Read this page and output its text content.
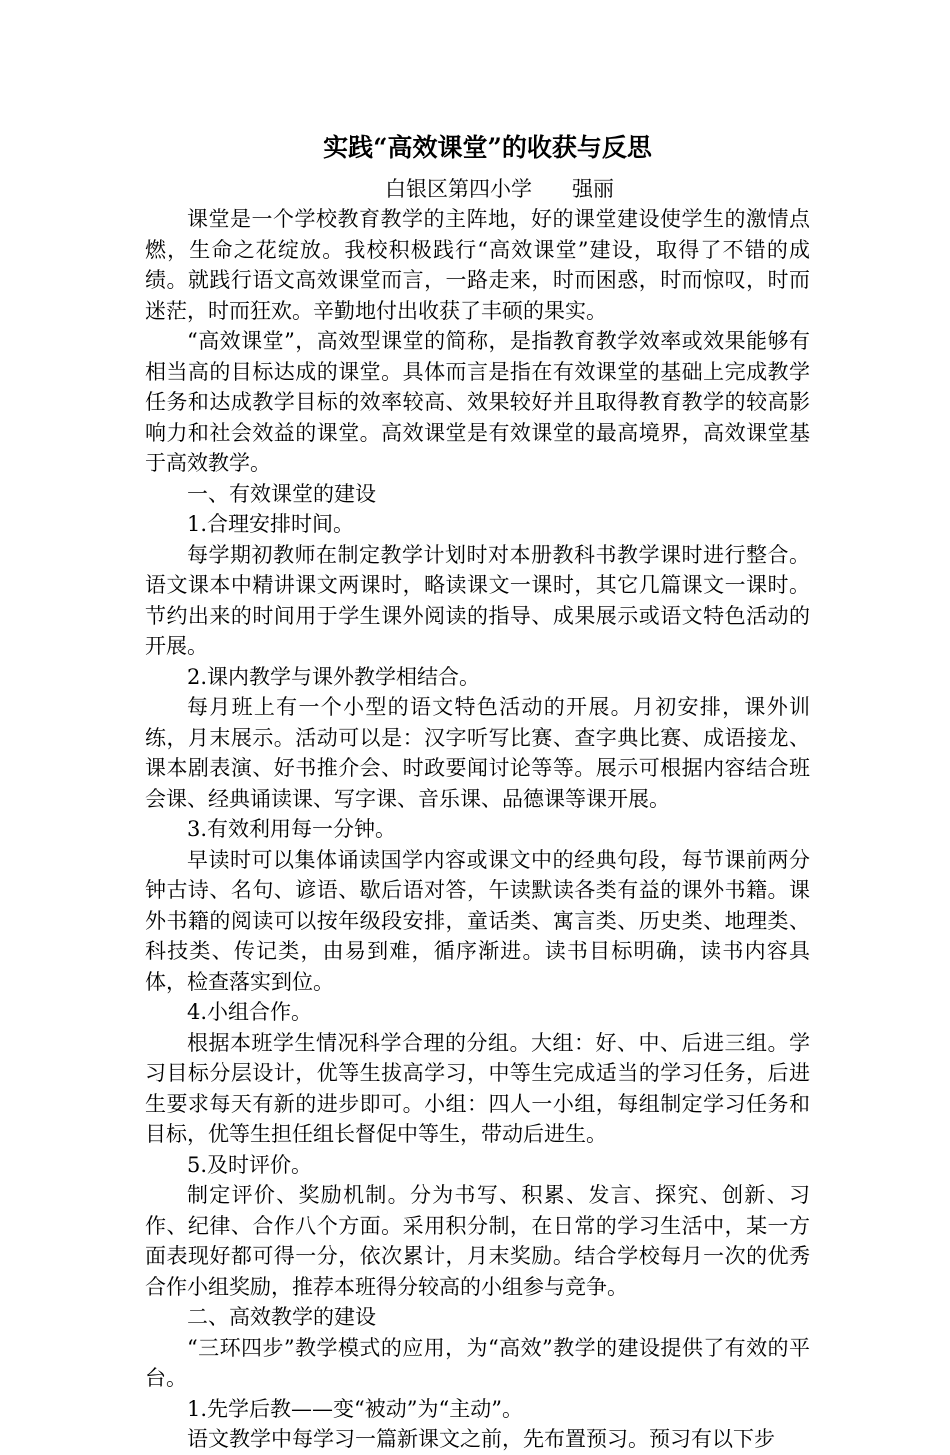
实践“高效课堂”的收获与反思
白银区第四小学 强丽

课堂是一个学校教育教学的主阵地，好的课堂建设使学生的激情点燃，生命之花绽放。我校积极践行“高效课堂”建设，取得了不错的成绩。就践行语文高效课堂而言，一路走来，时而困惑，时而惊叹，时而迷茫，时而狂欢。辛勤地付出收获了丰硕的果实。

“高效课堂”，高效型课堂的简称，是指教育教学效率或效果能够有相当高的目标达成的课堂。具体而言是指在有效课堂的基础上完成教学任务和达成教学目标的效率较高、效果较好并且取得教育教学的较高影响力和社会效益的课堂。高效课堂是有效课堂的最高境界，高效课堂基于高效教学。

一、有效课堂的建设

1.合理安排时间。

每学期初教师在制定教学计划时对本册教科书教学课时进行整合。语文课本中精讲课文两课时，略读课文一课时，其它几篇课文一课时。节约出来的时间用于学生课外阅读的指导、成果展示或语文特色活动的开展。

2.课内教学与课外教学相结合。

每月班上有一个小型的语文特色活动的开展。月初安排，课外训练，月末展示。活动可以是：汉字听写比赛、查字典比赛、成语接龙、课本剧表演、好书推介会、时政要闻讨论等等。展示可根据内容结合班会课、经典诵读课、写字课、音乐课、品德课等课开展。

3.有效利用每一分钟。

早读时可以集体诵读国学内容或课文中的经典句段，每节课前两分钟古诗、名句、谚语、歇后语对答，午读默读各类有益的课外书籍。课外书籍的阅读可以按年级段安排，童话类、寓言类、历史类、地理类、科技类、传记类，由易到难，循序渐进。读书目标明确，读书内容具体，检查落实到位。

4.小组合作。

根据本班学生情况科学合理的分组。大组：好、中、后进三组。学习目标分层设计，优等生拔高学习，中等生完成适当的学习任务，后进生要求每天有新的进步即可。小组：四人一小组，每组制定学习任务和目标，优等生担任组长督促中等生，带动后进生。

5.及时评价。

制定评价、奖励机制。分为书写、积累、发言、探究、创新、习作、纪律、合作八个方面。采用积分制，在日常的学习生活中，某一方面表现好都可得一分，依次累计，月末奖励。结合学校每月一次的优秀合作小组奖励，推荐本班得分较高的小组参与竞争。

二、高效教学的建设

“三环四步”教学模式的应用，为“高效”教学的建设提供了有效的平台。

1.先学后教——变“被动”为“主动”。

语文教学中每学习一篇新课文之前，先布置预习。预习有以下步
